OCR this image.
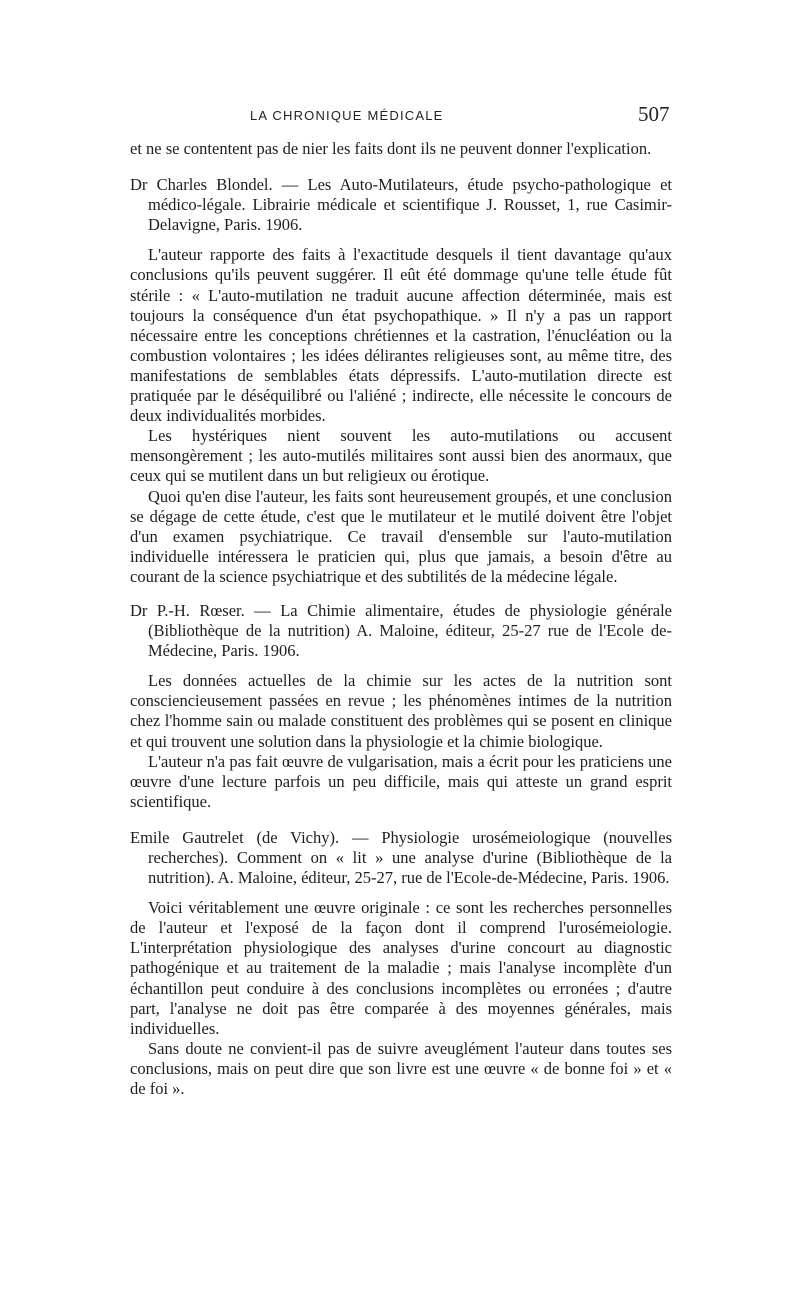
LA CHRONIQUE MÉDICALE	507

et ne se contentent pas de nier les faits dont ils ne peuvent donner l'explication.

Dr Charles Blondel. — Les Auto-Mutilateurs, étude psycho-pathologique et médico-légale. Librairie médicale et scientifique J. Rousset, 1, rue Casimir-Delavigne, Paris. 1906.

L'auteur rapporte des faits à l'exactitude desquels il tient davantage qu'aux conclusions qu'ils peuvent suggérer. Il eût été dommage qu'une telle étude fût stérile : « L'auto-mutilation ne traduit aucune affection déterminée, mais est toujours la conséquence d'un état psychopathique. » Il n'y a pas un rapport nécessaire entre les conceptions chrétiennes et la castration, l'énucléation ou la combustion volontaires ; les idées délirantes religieuses sont, au même titre, des manifestations de semblables états dépressifs. L'auto-mutilation directe est pratiquée par le déséquilibré ou l'aliéné ; indirecte, elle nécessite le concours de deux individualités morbides.

Les hystériques nient souvent les auto-mutilations ou accusent mensongèrement ; les auto-mutilés militaires sont aussi bien des anormaux, que ceux qui se mutilent dans un but religieux ou érotique.

Quoi qu'en dise l'auteur, les faits sont heureusement groupés, et une conclusion se dégage de cette étude, c'est que le mutilateur et le mutilé doivent être l'objet d'un examen psychiatrique. Ce travail d'ensemble sur l'auto-mutilation individuelle intéressera le praticien qui, plus que jamais, a besoin d'être au courant de la science psychiatrique et des subtilités de la médecine légale.

Dr P.-H. Rœser. — La Chimie alimentaire, études de physiologie générale (Bibliothèque de la nutrition) A. Maloine, éditeur, 25-27 rue de l'Ecole de-Médecine, Paris. 1906.

Les données actuelles de la chimie sur les actes de la nutrition sont consciencieusement passées en revue ; les phénomènes intimes de la nutrition chez l'homme sain ou malade constituent des problèmes qui se posent en clinique et qui trouvent une solution dans la physiologie et la chimie biologique.

L'auteur n'a pas fait œuvre de vulgarisation, mais a écrit pour les praticiens une œuvre d'une lecture parfois un peu difficile, mais qui atteste un grand esprit scientifique.

Emile Gautrelet (de Vichy). — Physiologie urosémeiologique (nouvelles recherches). Comment on « lit » une analyse d'urine (Bibliothèque de la nutrition). A. Maloine, éditeur, 25-27, rue de l'Ecole-de-Médecine, Paris. 1906.

Voici véritablement une œuvre originale : ce sont les recherches personnelles de l'auteur et l'exposé de la façon dont il comprend l'urosémeiologie. L'interprétation physiologique des analyses d'urine concourt au diagnostic pathogénique et au traitement de la maladie ; mais l'analyse incomplète d'un échantillon peut conduire à des conclusions incomplètes ou erronées ; d'autre part, l'analyse ne doit pas être comparée à des moyennes générales, mais individuelles.

Sans doute ne convient-il pas de suivre aveuglément l'auteur dans toutes ses conclusions, mais on peut dire que son livre est une œuvre « de bonne foi » et « de foi ».
